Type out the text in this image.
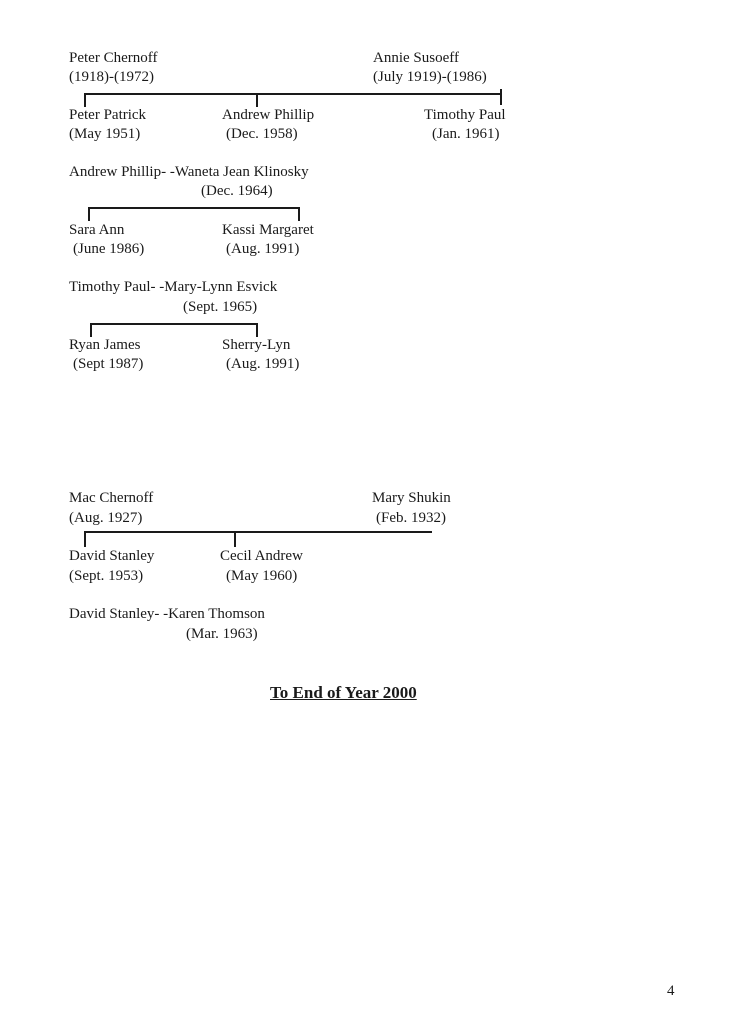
Peter Chernoff
(1918)-(1972)
Annie Susoeff
(July 1919)-(1986)
Peter Patrick
(May 1951)
Andrew Phillip
(Dec. 1958)
Timothy Paul
(Jan. 1961)
Andrew Phillip- -Waneta Jean Klinosky
(Dec. 1964)
Sara Ann
(June 1986)
Kassi Margaret
(Aug. 1991)
Timothy Paul- -Mary-Lynn Esvick
(Sept. 1965)
Ryan James
(Sept 1987)
Sherry-Lyn
(Aug. 1991)
Mac Chernoff
(Aug. 1927)
Mary Shukin
(Feb. 1932)
David Stanley
(Sept. 1953)
Cecil Andrew
(May 1960)
David Stanley- -Karen Thomson
(Mar. 1963)
To End of Year 2000
4
